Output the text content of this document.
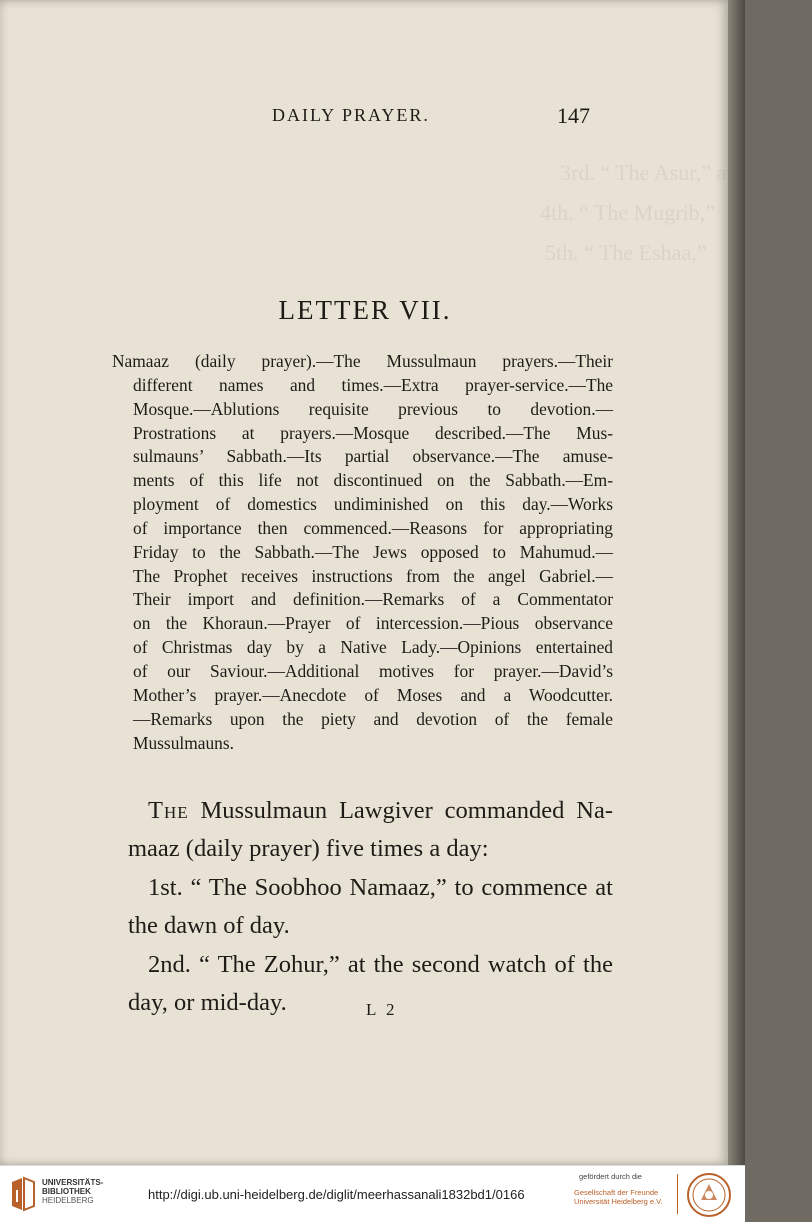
3rd. “ The Asur,” at the third
4th. “ The Mugrib,”
5th. “ The Eshaa,”
DAILY PRAYER.	147
LETTER VII.
Namaaz (daily prayer).—The Mussulmaun prayers.—Their
different names and times.—Extra prayer-service.—The
Mosque.—Ablutions requisite previous to devotion.—
Prostrations at prayers.—Mosque described.—The Mus-
sulmauns’ Sabbath.—Its partial observance.—The amuse-
ments of this life not discontinued on the Sabbath.—Em-
ployment of domestics undiminished on this day.—Works
of importance then commenced.—Reasons for appropriating
Friday to the Sabbath.—The Jews opposed to Mahumud.—
The Prophet receives instructions from the angel Gabriel.—
Their import and definition.—Remarks of a Commentator
on the Khoraun.—Prayer of intercession.—Pious observance
of Christmas day by a Native Lady.—Opinions entertained
of our Saviour.—Additional motives for prayer.—David’s
Mother’s prayer.—Anecdote of Moses and a Woodcutter.
—Remarks upon the piety and devotion of the female
Mussulmauns.
The Mussulmaun Lawgiver commanded Na-
maaz (daily prayer) five times a day:
1st. “ The Soobhoo Namaaz,” to commence at
the dawn of day.
2nd. “ The Zohur,” at the second watch of the
day, or mid-day.	L 2
UNIVERSITÄTS-
BIBLIOTHEK
HEIDELBERG	http://digi.ub.uni-heidelberg.de/diglit/meerhassanali1832bd1/0166
gefördert durch die
Gesellschaft der Freunde
Universität Heidelberg e.V.
